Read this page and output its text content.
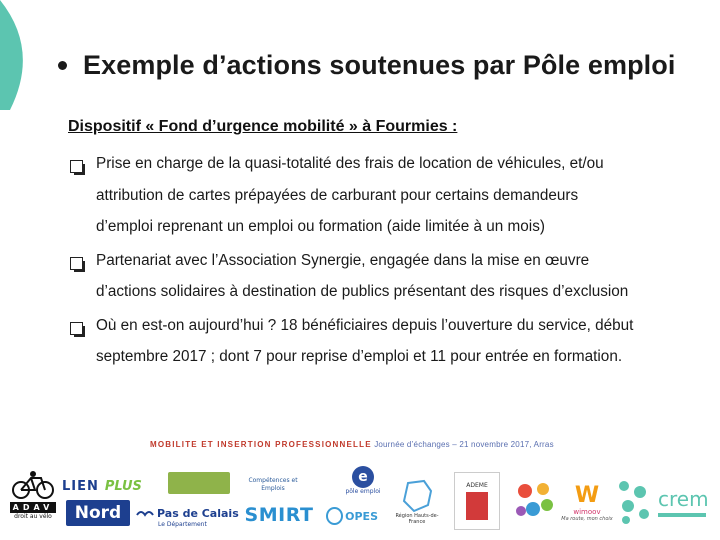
Exemple d’actions soutenues par Pôle emploi
Dispositif « Fond d’urgence mobilité » à Fourmies :
Prise en charge de la quasi-totalité des frais de location de véhicules, et/ou
attribution de cartes prépayées de carburant pour certains demandeurs
d’emploi reprenant un emploi ou formation (aide limitée à un mois)
Partenariat avec l’Association Synergie, engagée dans la mise en œuvre
d’actions solidaires à destination de publics présentant des risques d’exclusion
Où en est-on aujourd’hui ? 18 bénéficiaires depuis l’ouverture du service, début
septembre 2017 ; dont 7 pour reprise d’emploi et 11 pour entrée en formation.
MOBILITE ET INSERTION PROFESSIONNELLE Journée d’échanges – 21 novembre 2017, Arras
ADAV
droit au vélo
LIEN PLUS
Nord
Compétences et Emplois
Pas de Calais
Le Département SMIRT
e
pôle emploi
OPES	Région Hauts-de-France
ADEME	W
wimoov
Ma route, mon choix
crem
